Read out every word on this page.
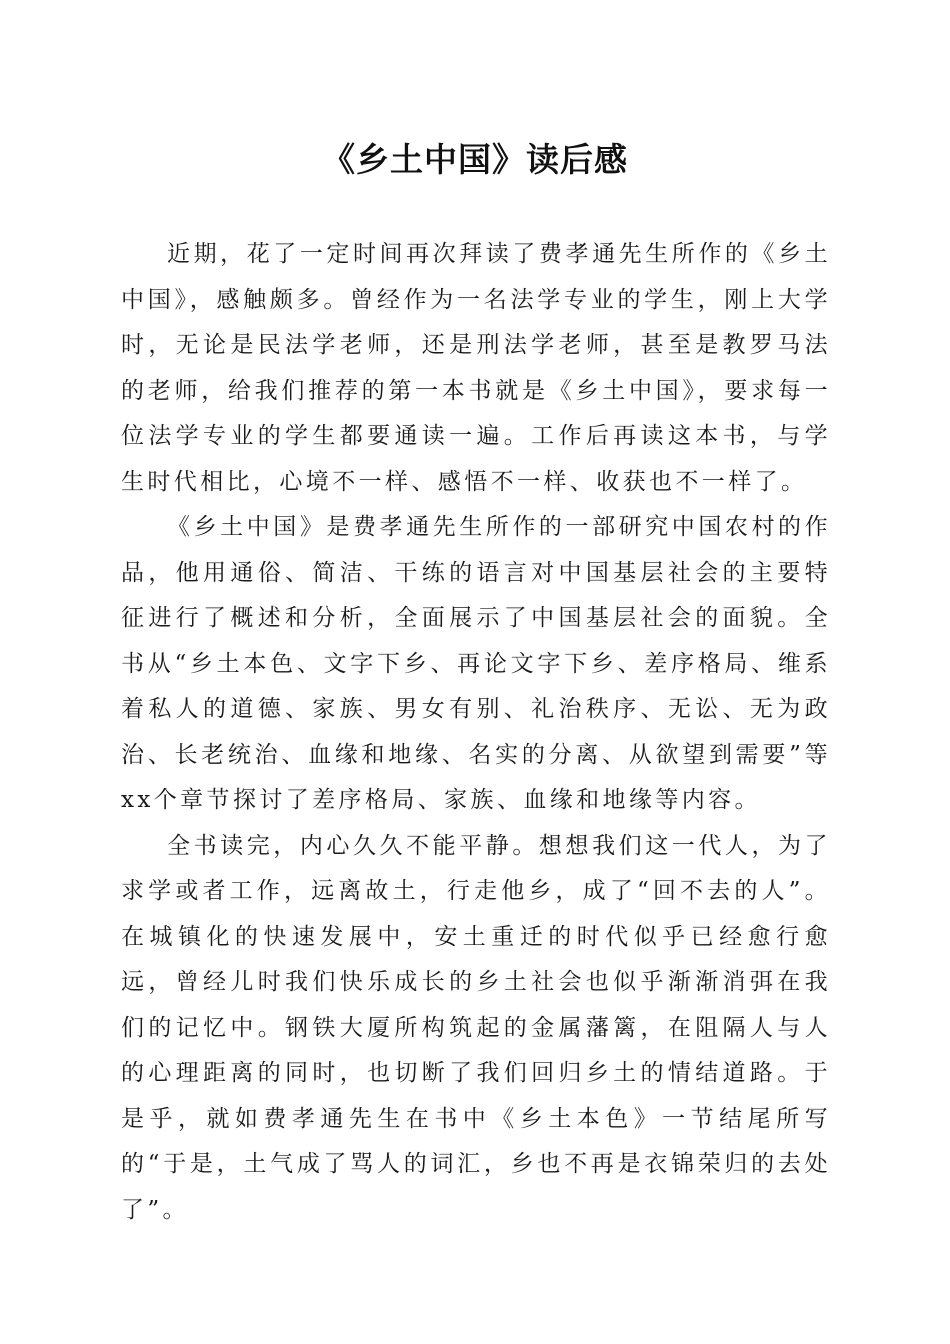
《乡土中国》读后感

近期，花了一定时间再次拜读了费孝通先生所作的《乡土中国》，感触颇多。曾经作为一名法学专业的学生，刚上大学时，无论是民法学老师，还是刑法学老师，甚至是教罗马法的老师，给我们推荐的第一本书就是《乡土中国》，要求每一位法学专业的学生都要通读一遍。工作后再读这本书，与学生时代相比，心境不一样、感悟不一样、收获也不一样了。

《乡土中国》是费孝通先生所作的一部研究中国农村的作品，他用通俗、简洁、干练的语言对中国基层社会的主要特征进行了概述和分析，全面展示了中国基层社会的面貌。全书从“乡土本色、文字下乡、再论文字下乡、差序格局、维系着私人的道德、家族、男女有别、礼治秩序、无讼、无为政治、长老统治、血缘和地缘、名实的分离、从欲望到需要”等xx个章节探讨了差序格局、家族、血缘和地缘等内容。

全书读完，内心久久不能平静。想想我们这一代人，为了求学或者工作，远离故土，行走他乡，成了“回不去的人”。在城镇化的快速发展中，安土重迁的时代似乎已经愈行愈远，曾经儿时我们快乐成长的乡土社会也似乎渐渐消弭在我们的记忆中。钢铁大厦所构筑起的金属藩篱，在阻隔人与人的心理距离的同时，也切断了我们回归乡土的情结道路。于是乎，就如费孝通先生在书中《乡土本色》一节结尾所写的“于是，土气成了骂人的词汇，乡也不再是衣锦荣归的去处了”。
